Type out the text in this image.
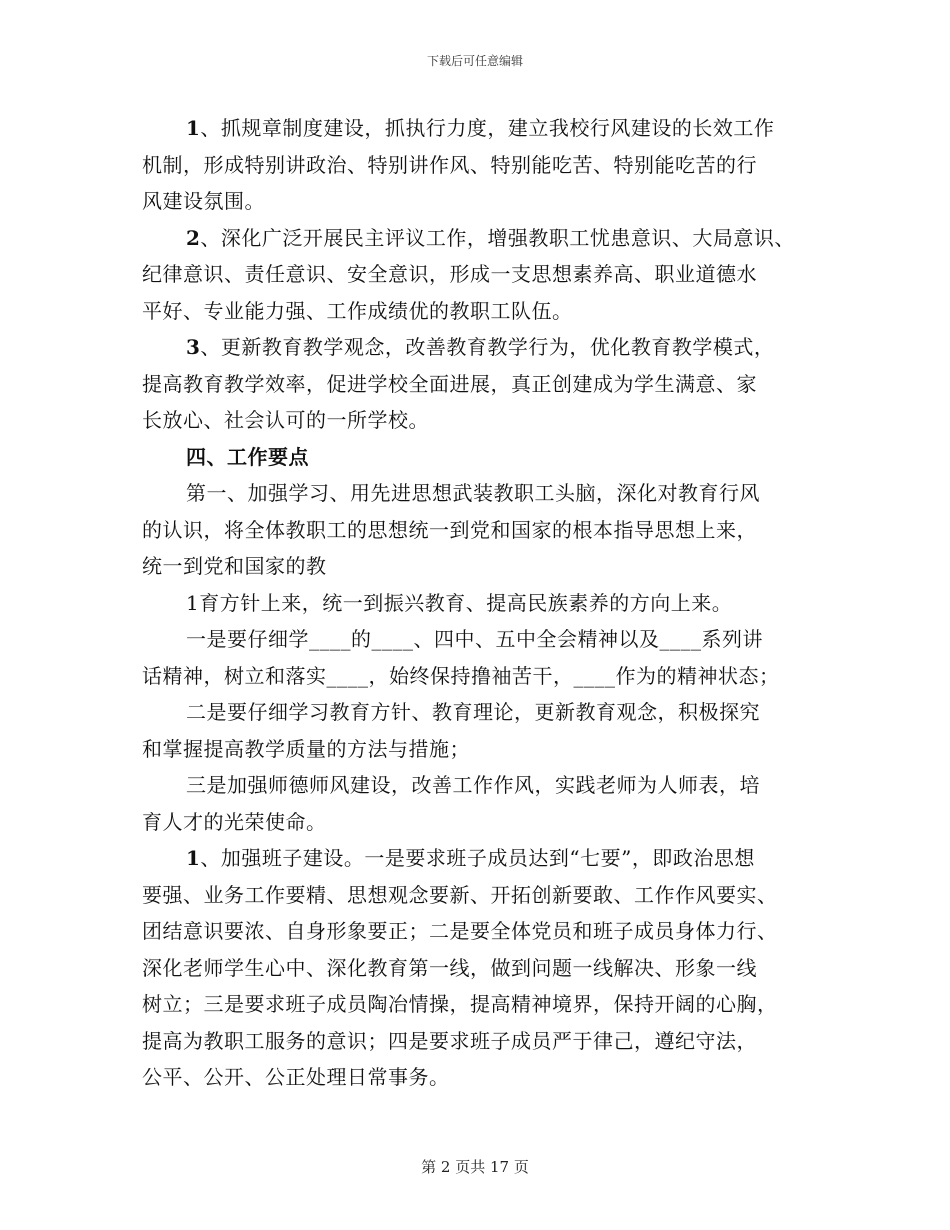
下载后可任意编辑
1、抓规章制度建设，抓执行力度，建立我校行风建设的长效工作
机制，形成特别讲政治、特别讲作风、特别能吃苦、特别能吃苦的行
风建设氛围。
2、深化广泛开展民主评议工作，增强教职工忧患意识、大局意识、
纪律意识、责任意识、安全意识，形成一支思想素养高、职业道德水
平好、专业能力强、工作成绩优的教职工队伍。
3、更新教育教学观念，改善教育教学行为，优化教育教学模式，
提高教育教学效率，促进学校全面进展，真正创建成为学生满意、家
长放心、社会认可的一所学校。
四、工作要点
第一、加强学习、用先进思想武装教职工头脑，深化对教育行风
的认识，将全体教职工的思想统一到党和国家的根本指导思想上来，
统一到党和国家的教
1育方针上来，统一到振兴教育、提高民族素养的方向上来。
一是要仔细学____的____、四中、五中全会精神以及____系列讲
话精神，树立和落实____，始终保持撸袖苦干，____作为的精神状态；
二是要仔细学习教育方针、教育理论，更新教育观念，积极探究
和掌握提高教学质量的方法与措施；
三是加强师德师风建设，改善工作作风，实践老师为人师表，培
育人才的光荣使命。
1、加强班子建设。一是要求班子成员达到“七要”，即政治思想
要强、业务工作要精、思想观念要新、开拓创新要敢、工作作风要实、
团结意识要浓、自身形象要正；二是要全体党员和班子成员身体力行、
深化老师学生心中、深化教育第一线，做到问题一线解决、形象一线
树立；三是要求班子成员陶冶情操，提高精神境界，保持开阔的心胸，
提高为教职工服务的意识；四是要求班子成员严于律己，遵纪守法，
公平、公开、公正处理日常事务。
第 2 页共 17 页
